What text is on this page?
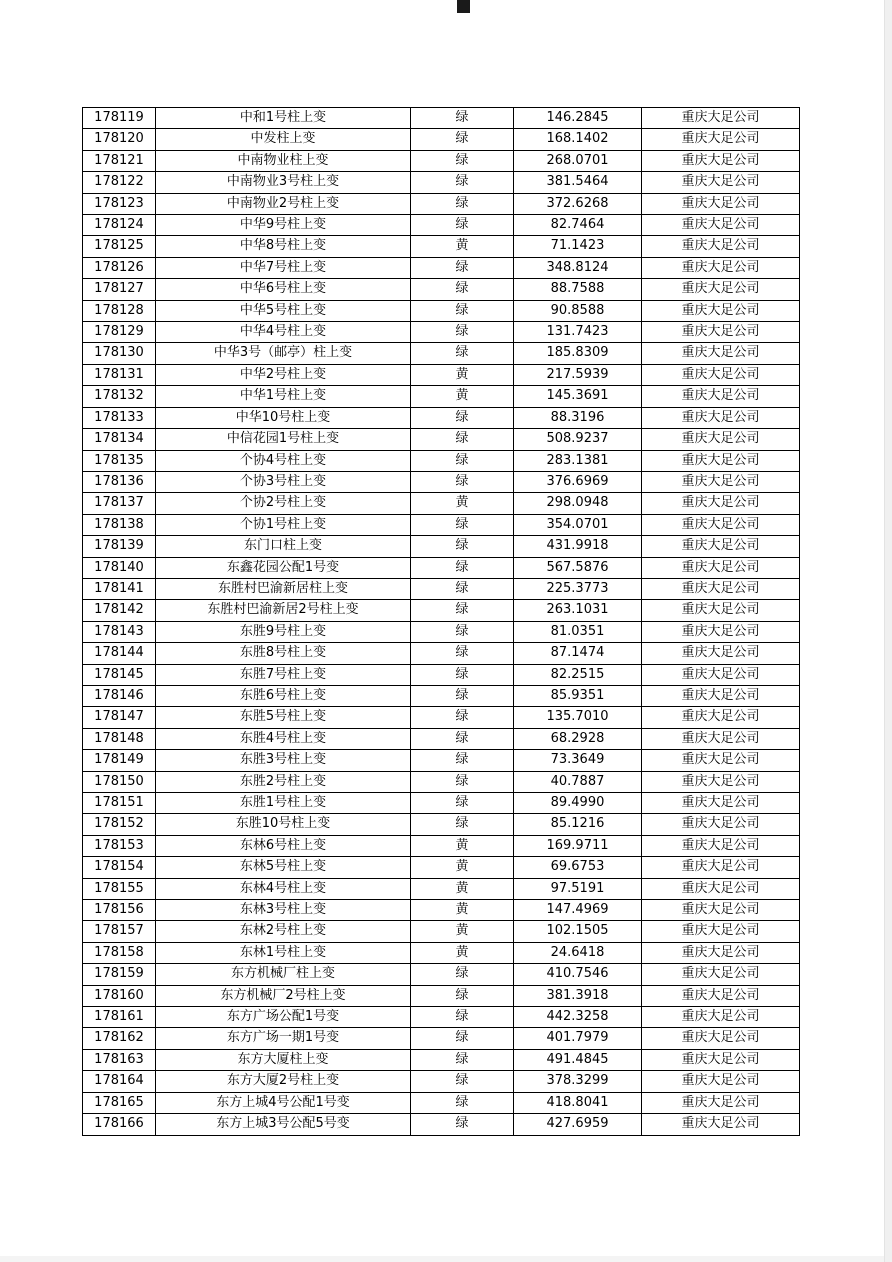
178119	中和1号柱上变	绿	146.2845	重庆大足公司
178120	中发柱上变	绿	168.1402	重庆大足公司
178121	中南物业柱上变	绿	268.0701	重庆大足公司
178122	中南物业3号柱上变	绿	381.5464	重庆大足公司
178123	中南物业2号柱上变	绿	372.6268	重庆大足公司
178124	中华9号柱上变	绿	82.7464	重庆大足公司
178125	中华8号柱上变	黄	71.1423	重庆大足公司
178126	中华7号柱上变	绿	348.8124	重庆大足公司
178127	中华6号柱上变	绿	88.7588	重庆大足公司
178128	中华5号柱上变	绿	90.8588	重庆大足公司
178129	中华4号柱上变	绿	131.7423	重庆大足公司
178130	中华3号（邮亭）柱上变	绿	185.8309	重庆大足公司
178131	中华2号柱上变	黄	217.5939	重庆大足公司
178132	中华1号柱上变	黄	145.3691	重庆大足公司
178133	中华10号柱上变	绿	88.3196	重庆大足公司
178134	中信花园1号柱上变	绿	508.9237	重庆大足公司
178135	个协4号柱上变	绿	283.1381	重庆大足公司
178136	个协3号柱上变	绿	376.6969	重庆大足公司
178137	个协2号柱上变	黄	298.0948	重庆大足公司
178138	个协1号柱上变	绿	354.0701	重庆大足公司
178139	东门口柱上变	绿	431.9918	重庆大足公司
178140	东鑫花园公配1号变	绿	567.5876	重庆大足公司
178141	东胜村巴渝新居柱上变	绿	225.3773	重庆大足公司
178142	东胜村巴渝新居2号柱上变	绿	263.1031	重庆大足公司
178143	东胜9号柱上变	绿	81.0351	重庆大足公司
178144	东胜8号柱上变	绿	87.1474	重庆大足公司
178145	东胜7号柱上变	绿	82.2515	重庆大足公司
178146	东胜6号柱上变	绿	85.9351	重庆大足公司
178147	东胜5号柱上变	绿	135.7010	重庆大足公司
178148	东胜4号柱上变	绿	68.2928	重庆大足公司
178149	东胜3号柱上变	绿	73.3649	重庆大足公司
178150	东胜2号柱上变	绿	40.7887	重庆大足公司
178151	东胜1号柱上变	绿	89.4990	重庆大足公司
178152	东胜10号柱上变	绿	85.1216	重庆大足公司
178153	东林6号柱上变	黄	169.9711	重庆大足公司
178154	东林5号柱上变	黄	69.6753	重庆大足公司
178155	东林4号柱上变	黄	97.5191	重庆大足公司
178156	东林3号柱上变	黄	147.4969	重庆大足公司
178157	东林2号柱上变	黄	102.1505	重庆大足公司
178158	东林1号柱上变	黄	24.6418	重庆大足公司
178159	东方机械厂柱上变	绿	410.7546	重庆大足公司
178160	东方机械厂2号柱上变	绿	381.3918	重庆大足公司
178161	东方广场公配1号变	绿	442.3258	重庆大足公司
178162	东方广场一期1号变	绿	401.7979	重庆大足公司
178163	东方大厦柱上变	绿	491.4845	重庆大足公司
178164	东方大厦2号柱上变	绿	378.3299	重庆大足公司
178165	东方上城4号公配1号变	绿	418.8041	重庆大足公司
178166	东方上城3号公配5号变	绿	427.6959	重庆大足公司
